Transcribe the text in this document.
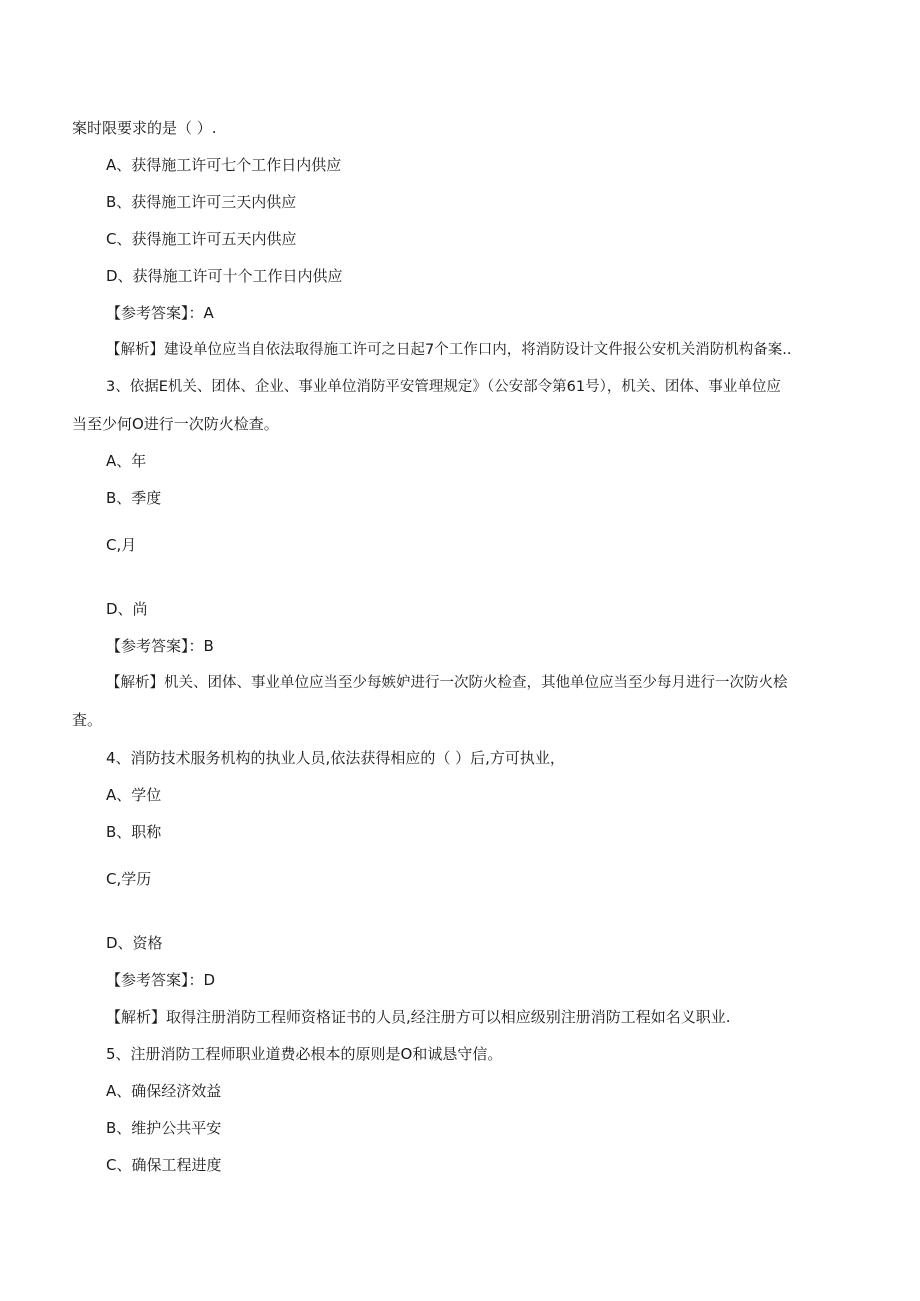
案时限要求的是（ ）.
A、获得施工许可七个工作日内供应
B、获得施工许可三天内供应
C、获得施工许可五天内供应
D、获得施工许可十个工作日内供应
【参考答案】：A
【解析】建设单位应当自依法取得施工许可之日起7个工作口内，将消防设计文件报公安机关消防机构备案..
3、依据E机关、团体、企业、事业单位消防平安管理规定》（公安部令第61号），机关、团体、事业单位应
当至少何O进行一次防火检查。
A、年
B、季度
C,月
D、尚
【参考答案】：B
【解析】机关、团体、事业单位应当至少每嫉妒进行一次防火检查，其他单位应当至少每月进行一次防火桧
査。
4、消防技术服务机构的执业人员,依法获得相应的（ ）后,方可执业，
A、学位
B、职称
C,学历
D、资格
【参考答案】：D
【解析】取得注册消防工程师资格证书的人员,经注册方可以相应级别注册消防工程如名义职业.
5、注册消防工程师职业道费必根本的原则是O和诚恳守信。
A、确保经济效益
B、维护公共平安
C、确保工程进度
